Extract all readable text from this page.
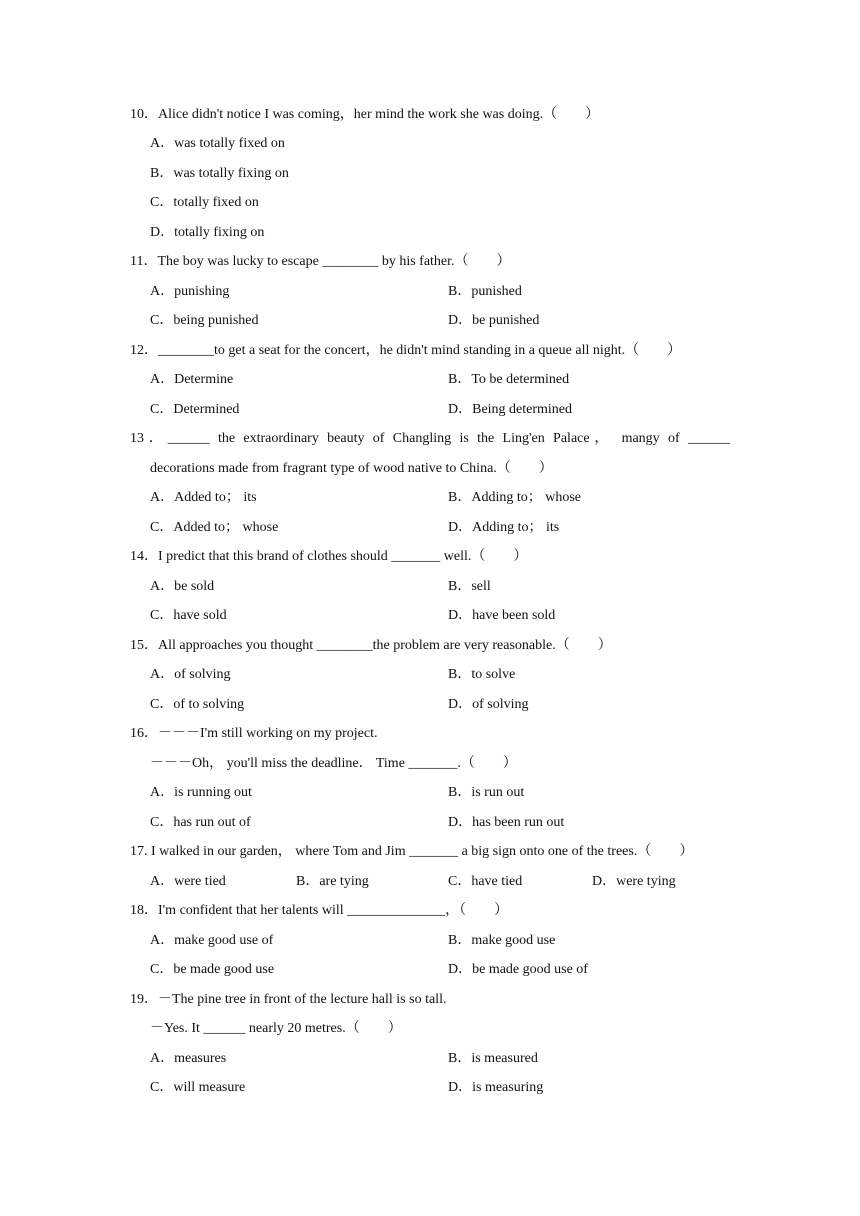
10．Alice didn't notice I was coming，her mind the work she was doing.（　　）
A．was totally fixed on
B．was totally fixing on
C．totally fixed on
D．totally fixing on
11．The boy was lucky to escape ________ by his father.（　　）
A．punishing	B．punished
C．being punished	D．be punished
12．________to get a seat for the concert，he didn't mind standing in a queue all night.（　　）
A．Determine	B．To be determined
C．Determined	D．Being determined
13．______ the extraordinary beauty of Changling is the Ling'en Palace， mangy of ______
decorations made from fragrant type of wood native to China.（　　）
A．Added to； its	B．Adding to； whose
C．Added to； whose	D．Adding to； its
14．I predict that this brand of clothes should _______ well.（　　）
A．be sold	B．sell
C．have sold	D．have been sold
15．All approaches you thought ________the problem are very reasonable.（　　）
A．of solving	B．to solve
C．of to solving	D．of solving
16．－－－I'm still working on my project.
－－－Oh， you'll miss the deadline． Time _______.（　　）
A．is running out	B．is run out
C．has run out of	D．has been run out
17. I walked in our garden， where Tom and Jim _______ a big sign onto one of the trees.（　　）
A．were tied	B．are tying	C．have tied	D．were tying
18．I'm confident that her talents will ______________，（　　）
A．make good use of	B．make good use
C．be made good use	D．be made good use of
19．－The pine tree in front of the lecture hall is so tall.
－Yes. It ______ nearly 20 metres.（　　）
A．measures	B．is measured
C．will measure	D．is measuring
